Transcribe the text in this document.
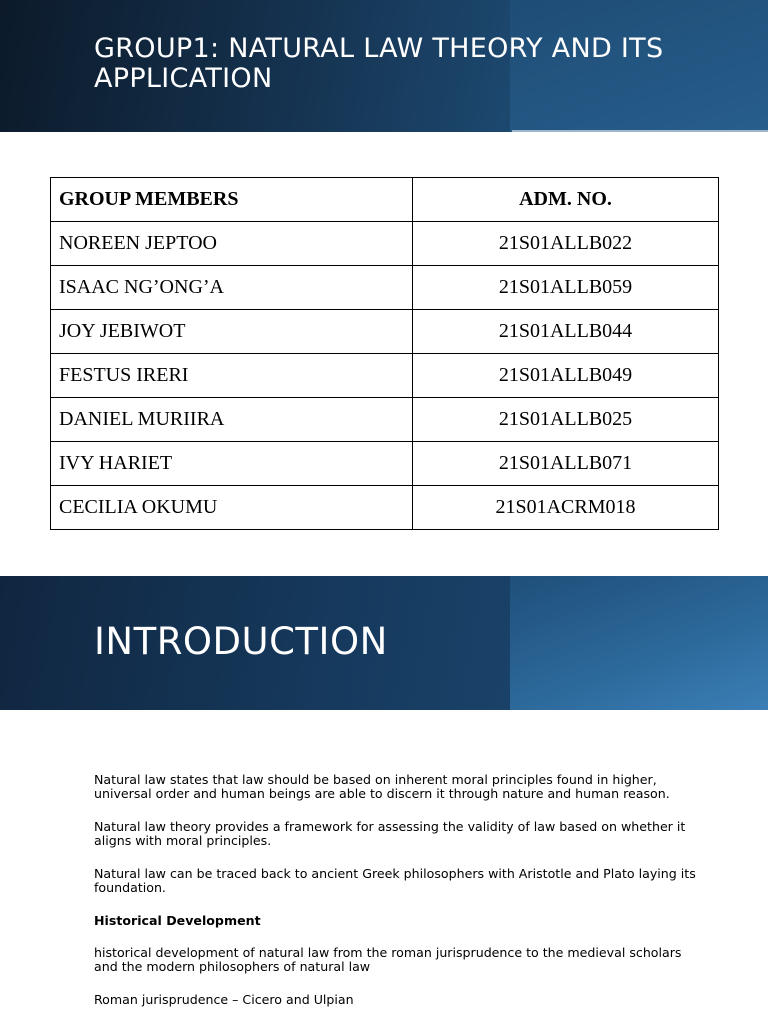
GROUP1: NATURAL LAW THEORY AND ITS APPLICATION
GROUP MEMBERS	ADM. NO.
NOREEN JEPTOO	21S01ALLB022
ISAAC NG’ONG’A	21S01ALLB059
JOY JEBIWOT	21S01ALLB044
FESTUS IRERI	21S01ALLB049
DANIEL MURIIRA	21S01ALLB025
IVY HARIET	21S01ALLB071
CECILIA OKUMU	21S01ACRM018
INTRODUCTION

Natural law states that law should be based on inherent moral principles found in higher, universal order and human beings are able to discern it through nature and human reason.

Natural law theory provides a framework for assessing the validity of law based on whether it aligns with moral principles.

Natural law can be traced back to ancient Greek philosophers with Aristotle and Plato laying its foundation.

Historical Development

historical development of natural law from the roman jurisprudence to the medieval scholars and the modern philosophers of natural law

Roman jurisprudence – Cicero and Ulpian
